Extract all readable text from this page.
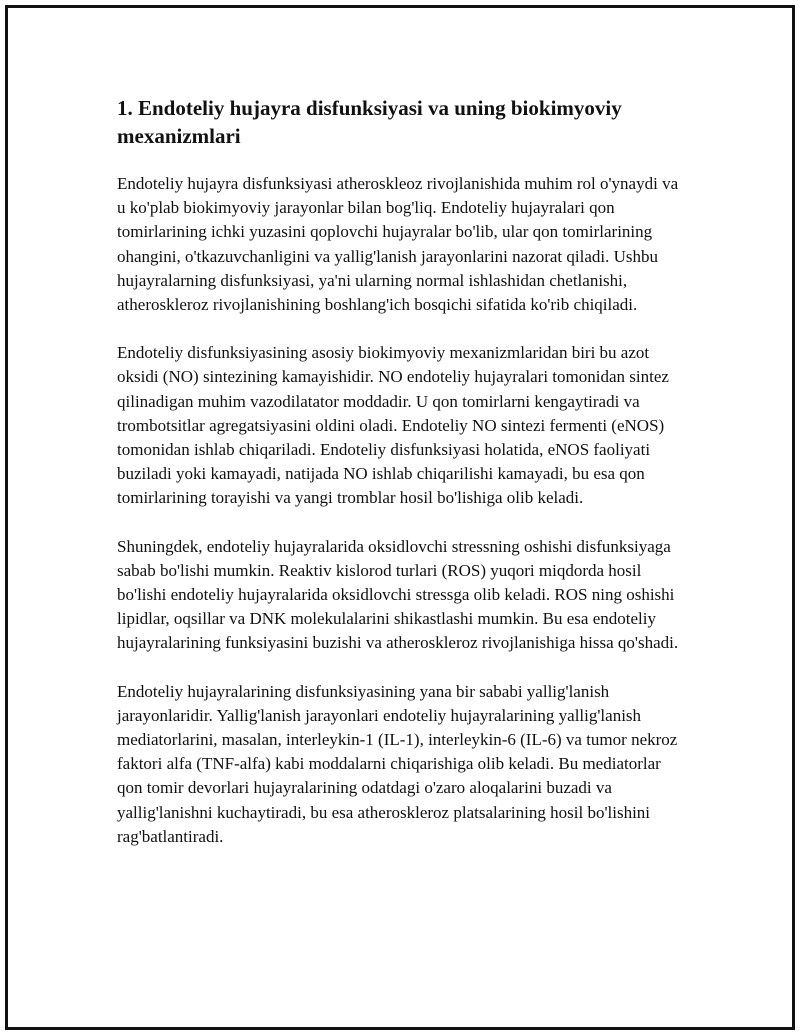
1. Endoteliy hujayra disfunksiyasi va uning biokimyoviy mexanizmlari

Endoteliy hujayra disfunksiyasi atheroskleoz rivojlanishida muhim rol o'ynaydi va u ko'plab biokimyoviy jarayonlar bilan bog'liq. Endoteliy hujayralari qon tomirlarining ichki yuzasini qoplovchi hujayralar bo'lib, ular qon tomirlarining ohangini, o'tkazuvchanligini va yallig'lanish jarayonlarini nazorat qiladi. Ushbu hujayralarning disfunksiyasi, ya'ni ularning normal ishlashidan chetlanishi, atheroskleroz rivojlanishining boshlang'ich bosqichi sifatida ko'rib chiqiladi.

Endoteliy disfunksiyasining asosiy biokimyoviy mexanizmlaridan biri bu azot oksidi (NO) sintezining kamayishidir. NO endoteliy hujayralari tomonidan sintez qilinadigan muhim vazodilatator moddadir. U qon tomirlarni kengaytiradi va trombotsitlar agregatsiyasini oldini oladi. Endoteliy NO sintezi fermenti (eNOS) tomonidan ishlab chiqariladi. Endoteliy disfunksiyasi holatida, eNOS faoliyati buziladi yoki kamayadi, natijada NO ishlab chiqarilishi kamayadi, bu esa qon tomirlarining torayishi va yangi tromblar hosil bo'lishiga olib keladi.

Shuningdek, endoteliy hujayralarida oksidlovchi stressning oshishi disfunksiyaga sabab bo'lishi mumkin. Reaktiv kislorod turlari (ROS) yuqori miqdorda hosil bo'lishi endoteliy hujayralarida oksidlovchi stressga olib keladi. ROS ning oshishi lipidlar, oqsillar va DNK molekulalarini shikastlashi mumkin. Bu esa endoteliy hujayralarining funksiyasini buzishi va atheroskleroz rivojlanishiga hissa qo'shadi.

Endoteliy hujayralarining disfunksiyasining yana bir sababi yallig'lanish jarayonlaridir. Yallig'lanish jarayonlari endoteliy hujayralarining yallig'lanish mediatorlarini, masalan, interleykin-1 (IL-1), interleykin-6 (IL-6) va tumor nekroz faktori alfa (TNF-alfa) kabi moddalarni chiqarishiga olib keladi. Bu mediatorlar qon tomir devorlari hujayralarining odatdagi o'zaro aloqalarini buzadi va yallig'lanishni kuchaytiradi, bu esa atheroskleroz platsalarining hosil bo'lishini rag'batlantiradi.
